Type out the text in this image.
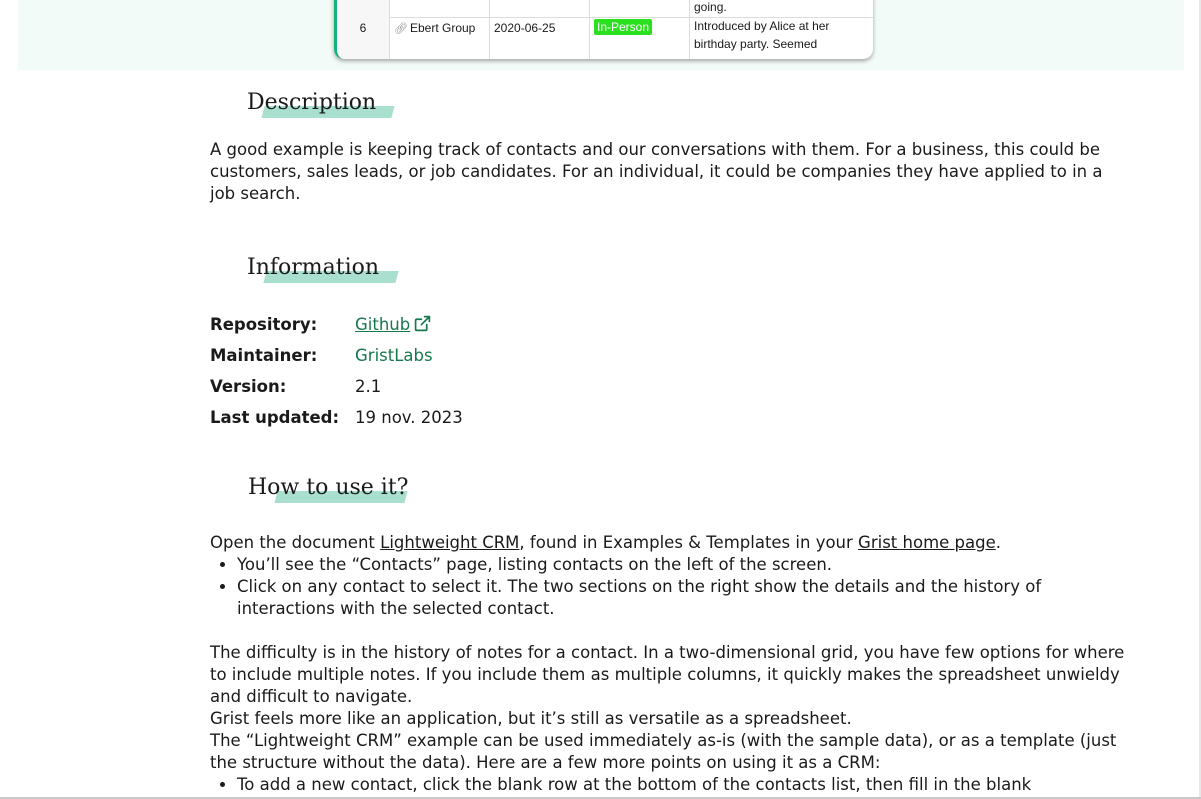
going.
6	🔗︎ Ebert Group	2020-06-25	In-Person	Introduced by Alice at her birthday party. Seemed
Description

A good example is keeping track of contacts and our conversations with them. For a business, this could be customers, sales leads, or job candidates. For an individual, it could be companies they have applied to in a job search.

Information
Repository:	Github
Maintainer:	GristLabs
Version:	2.1
Last updated: 19 nov. 2023
How to use it?

Open the document Lightweight CRM, found in Examples & Templates in your Grist home page.

• You’ll see the “Contacts” page, listing contacts on the left of the screen.
• Click on any contact to select it. The two sections on the right show the details and the history of interactions with the selected contact.

The difficulty is in the history of notes for a contact. In a two-dimensional grid, you have few options for where to include multiple notes. If you include them as multiple columns, it quickly makes the spreadsheet unwieldy and difficult to navigate.

Grist feels more like an application, but it’s still as versatile as a spreadsheet.

The “Lightweight CRM” example can be used immediately as-is (with the sample data), or as a template (just the structure without the data). Here are a few more points on using it as a CRM:

• To add a new contact, click the blank row at the bottom of the contacts list, then fill in the blank
